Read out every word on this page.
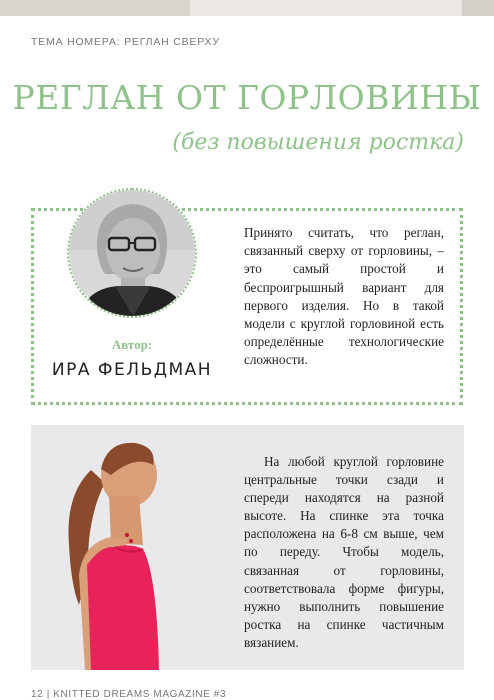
ТЕМА НОМЕРА: РЕГЛАН СВЕРХУ
РЕГЛАН ОТ ГОРЛОВИНЫ
(без повышения ростка)
Автор:
ИРА ФЕЛЬДМАН
Принято считать, что реглан, связанный сверху от горловины, – это самый простой и беспроигрышный вариант для первого изделия. Но в такой модели с круглой горловиной есть определённые технологические сложности.
На любой круглой горловине центральные точки сзади и спереди находятся на разной высоте. На спинке эта точка расположена на 6-8 см выше, чем по переду. Чтобы модель, связанная от горловины, соответствовала форме фигуры, нужно выполнить повышение ростка на спинке частичным вязанием.
12 | KNITTED DREAMS MAGAZINE #3
